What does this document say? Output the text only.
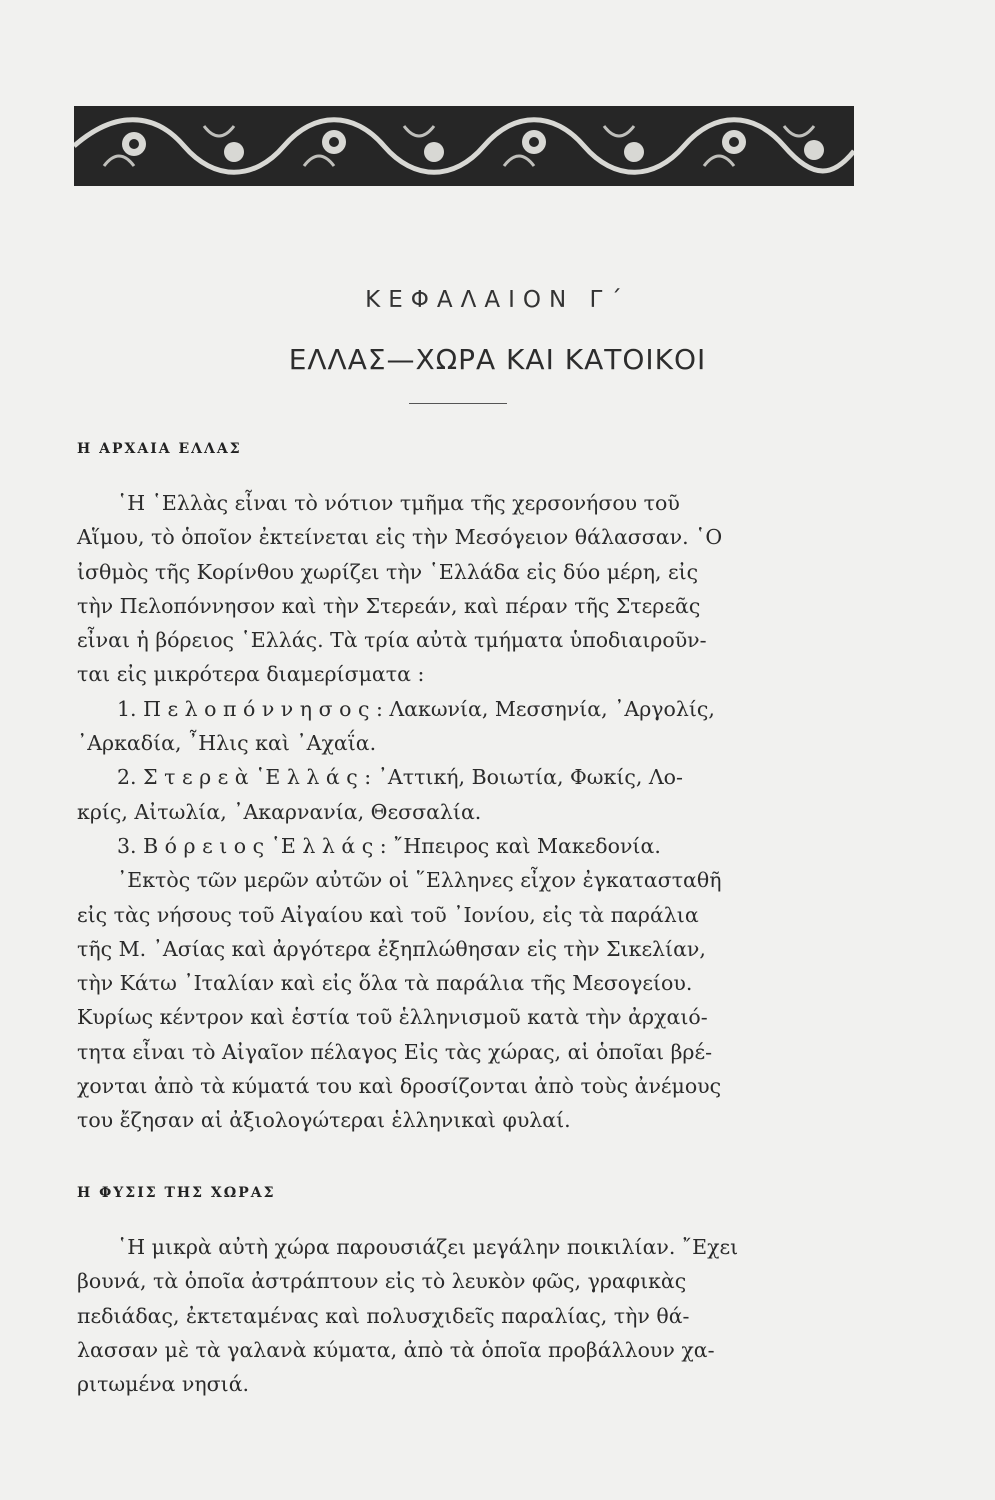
ΚΕΦΑΛΑΙΟΝ Γ΄
ΕΛΛΑΣ—ΧΩΡΑ ΚΑΙ ΚΑΤΟΙΚΟΙ
Η ΑΡΧΑΙΑ ΕΛΛΑΣ
῾Η ῾Ελλὰς εἶναι τὸ νότιον τμῆμα τῆς χερσονήσου τοῦ
Αἵμου, τὸ ὁποῖον ἐκτείνεται εἰς τὴν Μεσόγειον θάλασσαν. ῾Ο
ἰσθμὸς τῆς Κορίνθου χωρίζει τὴν ῾Ελλάδα εἰς δύο μέρη, εἰς
τὴν Πελοπόννησον καὶ τὴν Στερεάν, καὶ πέραν τῆς Στερεᾶς
εἶναι ἡ βόρειος ῾Ελλάς. Τὰ τρία αὐτὰ τμήματα ὑποδιαιροῦν-
ται εἰς μικρότερα διαμερίσματα :
1. Π ε λ ο π ό ν ν η σ ο ς : Λακωνία, Μεσσηνία, ᾿Αργολίς,
᾿Αρκαδία, ῏Ηλις καὶ ᾿Αχαΐα.
2. Σ τ ε ρ ε ὰ ῾Ε λ λ ά ς : ᾿Αττική, Βοιωτία, Φωκίς, Λο-
κρίς, Αἰτωλία, ᾿Ακαρνανία, Θεσσαλία.
3. Β ό ρ ε ι ο ς ῾Ε λ λ ά ς : ῎Ηπειρος καὶ Μακεδονία.
᾿Εκτὸς τῶν μερῶν αὐτῶν οἱ ῞Ελληνες εἶχον ἐγκατασταθῆ
εἰς τὰς νήσους τοῦ Αἰγαίου καὶ τοῦ ᾿Ιονίου, εἰς τὰ παράλια
τῆς Μ. ᾿Ασίας καὶ ἀργότερα ἐξηπλώθησαν εἰς τὴν Σικελίαν,
τὴν Κάτω ᾿Ιταλίαν καὶ εἰς ὅλα τὰ παράλια τῆς Μεσογείου.
Κυρίως κέντρον καὶ ἑστία τοῦ ἑλληνισμοῦ κατὰ τὴν ἀρχαιό-
τητα εἶναι τὸ Αἰγαῖον πέλαγος Εἰς τὰς χώρας, αἱ ὁποῖαι βρέ-
χονται ἀπὸ τὰ κύματά του καὶ δροσίζονται ἀπὸ τοὺς ἀνέμους
του ἔζησαν αἱ ἀξιολογώτεραι ἑλληνικαὶ φυλαί.
Η ΦΥΣΙΣ ΤΗΣ ΧΩΡΑΣ
῾Η μικρὰ αὐτὴ χώρα παρουσιάζει μεγάλην ποικιλίαν. ῎Εχει
βουνά, τὰ ὁποῖα ἀστράπτουν εἰς τὸ λευκὸν φῶς, γραφικὰς
πεδιάδας, ἐκτεταμένας καὶ πολυσχιδεῖς παραλίας, τὴν θά-
λασσαν μὲ τὰ γαλανὰ κύματα, ἀπὸ τὰ ὁποῖα προβάλλουν χα-
ριτωμένα νησιά.
